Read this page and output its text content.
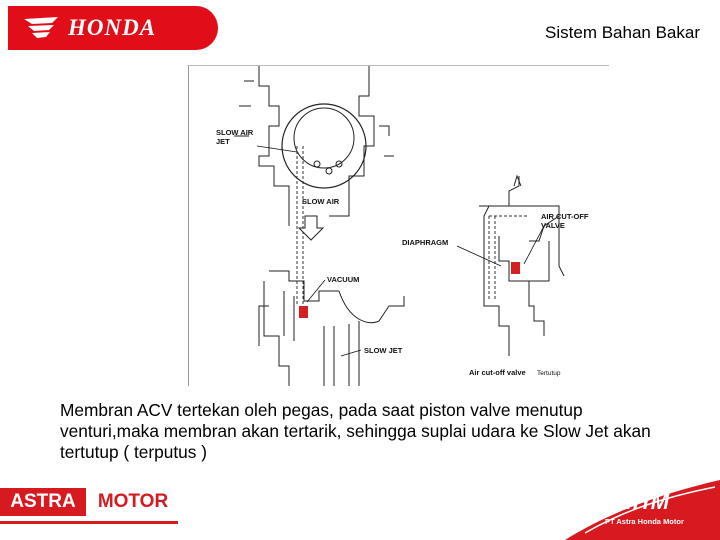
HONDA	Sistem Bahan Bakar
SLOW AIR JET
SLOW AIR
VACUUM
SLOW JET
AIR CUT-OFF VALVE
DIAPHRAGM
Air cut-off valve Tertutup

Membran ACV tertekan oleh pegas, pada saat piston valve menutup venturi,maka membran akan tertarik, sehingga suplai udara ke Slow Jet akan tertutup ( terputus )

ASTRA	MOTOR	AHM
PT Astra Honda Motor
